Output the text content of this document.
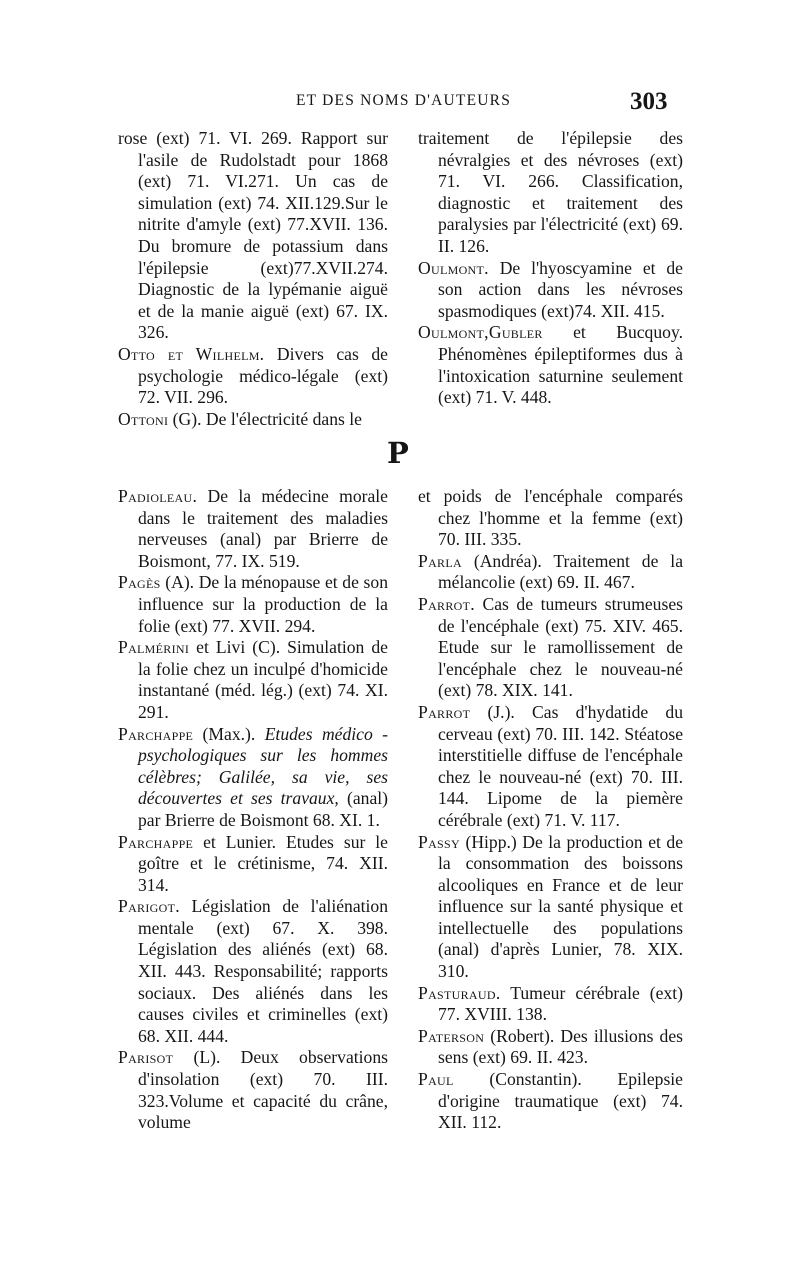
ET DES NOMS D'AUTEURS	303

rose (ext) 71. VI. 269. Rapport sur l'asile de Rudolstadt pour 1868 (ext) 71. VI.271. Un cas de simulation (ext) 74. XII.129.Sur le nitrite d'amyle (ext) 77.XVII. 136. Du bromure de potassium dans l'épilepsie (ext)77.XVII.274. Diagnostic de la lypémanie aiguë et de la manie aiguë (ext) 67. IX. 326.

Otto et Wilhelm. Divers cas de psychologie médico-légale (ext) 72. VII. 296.

Ottoni (G). De l'électricité dans le

traitement de l'épilepsie des névralgies et des névroses (ext) 71. VI. 266. Classification, diagnostic et traitement des paralysies par l'électricité (ext) 69. II. 126.

Oulmont. De l'hyoscyamine et de son action dans les névroses spasmodiques (ext)74. XII. 415.

Oulmont,Gubler et Bucquoy. Phénomènes épileptiformes dus à l'intoxication saturnine seulement (ext) 71. V. 448.

P

Padioleau. De la médecine morale dans le traitement des maladies nerveuses (anal) par Brierre de Boismont, 77. IX. 519.

Pagès (A). De la ménopause et de son influence sur la production de la folie (ext) 77. XVII. 294.

Palmérini et Livi (C). Simulation de la folie chez un inculpé d'homicide instantané (méd. lég.) (ext) 74. XI. 291.

Parchappe (Max.). Etudes médico - psychologiques sur les hommes célèbres; Galilée, sa vie, ses découvertes et ses travaux, (anal) par Brierre de Boismont 68. XI. 1.

Parchappe et Lunier. Etudes sur le goître et le crétinisme, 74. XII. 314.

Parigot. Législation de l'aliénation mentale (ext) 67. X. 398. Législation des aliénés (ext) 68. XII. 443. Responsabilité; rapports sociaux. Des aliénés dans les causes civiles et criminelles (ext) 68. XII. 444.

Parisot (L). Deux observations d'insolation (ext) 70. III. 323.Volume et capacité du crâne, volume

et poids de l'encéphale comparés chez l'homme et la femme (ext) 70. III. 335.

Parla (Andréa). Traitement de la mélancolie (ext) 69. II. 467.

Parrot. Cas de tumeurs strumeuses de l'encéphale (ext) 75. XIV. 465. Etude sur le ramollissement de l'encéphale chez le nouveau-né (ext) 78. XIX. 141.

Parrot (J.). Cas d'hydatide du cerveau (ext) 70. III. 142. Stéatose interstitielle diffuse de l'encéphale chez le nouveau-né (ext) 70. III. 144. Lipome de la piemère cérébrale (ext) 71. V. 117.

Passy (Hipp.) De la production et de la consommation des boissons alcooliques en France et de leur influence sur la santé physique et intellectuelle des populations (anal) d'après Lunier, 78. XIX. 310.

Pasturaud. Tumeur cérébrale (ext) 77. XVIII. 138.

Paterson (Robert). Des illusions des sens (ext) 69. II. 423.

Paul (Constantin). Epilepsie d'origine traumatique (ext) 74. XII. 112.
